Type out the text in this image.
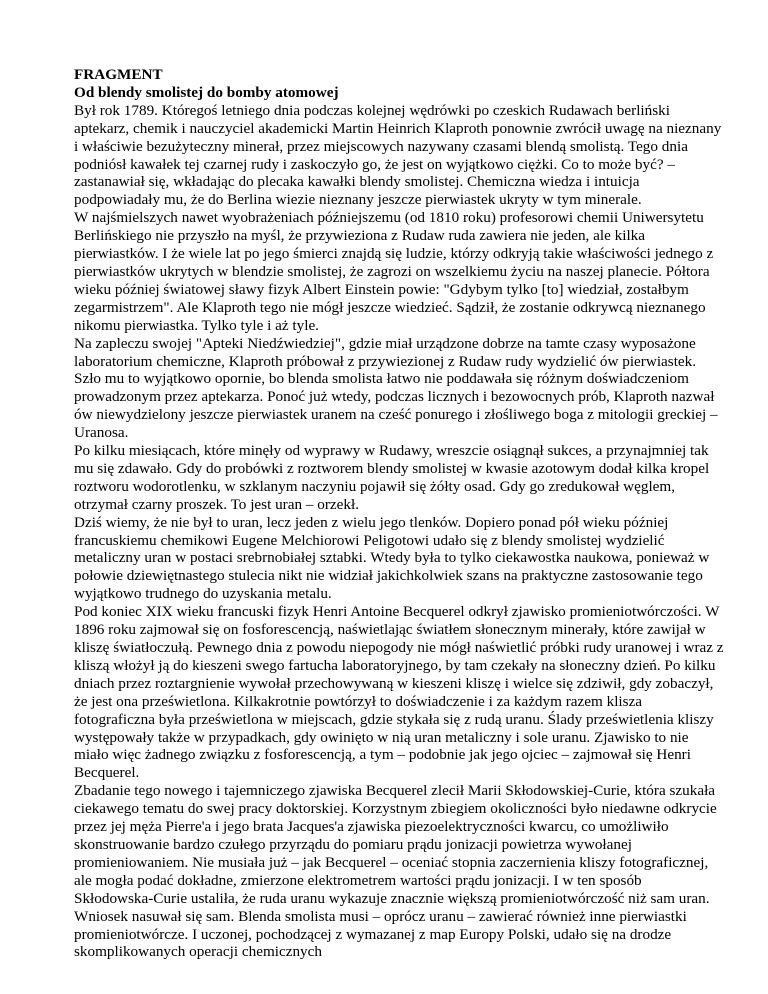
FRAGMENT

Od blendy smolistej do bomby atomowej

Był rok 1789. Któregoś letniego dnia podczas kolejnej wędrówki po czeskich Rudawach berliński aptekarz, chemik i nauczyciel akademicki Martin Heinrich Klaproth ponownie zwrócił uwagę na nieznany i właściwie bezużyteczny minerał, przez miejscowych nazywany czasami blendą smolistą. Tego dnia podniósł kawałek tej czarnej rudy i zaskoczyło go, że jest on wyjątkowo ciężki. Co to może być? – zastanawiał się, wkładając do plecaka kawałki blendy smolistej. Chemiczna wiedza i intuicja podpowiadały mu, że do Berlina wiezie nieznany jeszcze pierwiastek ukryty w tym minerale.

W najśmielszych nawet wyobrażeniach późniejszemu (od 1810 roku) profesorowi chemii Uniwersytetu Berlińskiego nie przyszło na myśl, że przywieziona z Rudaw ruda zawiera nie jeden, ale kilka pierwiastków. I że wiele lat po jego śmierci znajdą się ludzie, którzy odkryją takie właściwości jednego z pierwiastków ukrytych w blendzie smolistej, że zagrozi on wszelkiemu życiu na naszej planecie. Półtora wieku później światowej sławy fizyk Albert Einstein powie: "Gdybym tylko [to] wiedział, zostałbym zegarmistrzem". Ale Klaproth tego nie mógł jeszcze wiedzieć. Sądził, że zostanie odkrywcą nieznanego nikomu pierwiastka. Tylko tyle i aż tyle.

Na zapleczu swojej "Apteki Niedźwiedziej", gdzie miał urządzone dobrze na tamte czasy wyposażone laboratorium chemiczne, Klaproth próbował z przywiezionej z Rudaw rudy wydzielić ów pierwiastek. Szło mu to wyjątkowo opornie, bo blenda smolista łatwo nie poddawała się różnym doświadczeniom prowadzonym przez aptekarza. Ponoć już wtedy, podczas licznych i bezowocnych prób, Klaproth nazwał ów niewydzielony jeszcze pierwiastek uranem na cześć ponurego i złośliwego boga z mitologii greckiej – Uranosa.

Po kilku miesiącach, które minęły od wyprawy w Rudawy, wreszcie osiągnął sukces, a przynajmniej tak mu się zdawało. Gdy do probówki z roztworem blendy smolistej w kwasie azotowym dodał kilka kropel roztworu wodorotlenku, w szklanym naczyniu pojawił się żółty osad. Gdy go zredukował węglem, otrzymał czarny proszek. To jest uran – orzekł.

Dziś wiemy, że nie był to uran, lecz jeden z wielu jego tlenków. Dopiero ponad pół wieku później francuskiemu chemikowi Eugene Melchiorowi Peligotowi udało się z blendy smolistej wydzielić metaliczny uran w postaci srebrnobiałej sztabki. Wtedy była to tylko ciekawostka naukowa, ponieważ w połowie dziewiętnastego stulecia nikt nie widział jakichkolwiek szans na praktyczne zastosowanie tego wyjątkowo trudnego do uzyskania metalu.

Pod koniec XIX wieku francuski fizyk Henri Antoine Becquerel odkrył zjawisko promieniotwórczości. W 1896 roku zajmował się on fosforescencją, naświetlając światłem słonecznym minerały, które zawijał w kliszę światłoczułą. Pewnego dnia z powodu niepogody nie mógł naświetlić próbki rudy uranowej i wraz z kliszą włożył ją do kieszeni swego fartucha laboratoryjnego, by tam czekały na słoneczny dzień. Po kilku dniach przez roztargnienie wywołał przechowywaną w kieszeni kliszę i wielce się zdziwił, gdy zobaczył, że jest ona prześwietlona. Kilkakrotnie powtórzył to doświadczenie i za każdym razem klisza fotograficzna była prześwietlona w miejscach, gdzie stykała się z rudą uranu. Ślady prześwietlenia kliszy występowały także w przypadkach, gdy owinięto w nią uran metaliczny i sole uranu. Zjawisko to nie miało więc żadnego związku z fosforescencją, a tym – podobnie jak jego ojciec – zajmował się Henri Becquerel.

Zbadanie tego nowego i tajemniczego zjawiska Becquerel zlecił Marii Skłodowskiej-Curie, która szukała ciekawego tematu do swej pracy doktorskiej. Korzystnym zbiegiem okoliczności było niedawne odkrycie przez jej męża Pierre'a i jego brata Jacques'a zjawiska piezoelektryczności kwarcu, co umożliwiło skonstruowanie bardzo czułego przyrządu do pomiaru prądu jonizacji powietrza wywołanej promieniowaniem. Nie musiała już – jak Becquerel – oceniać stopnia zaczernienia kliszy fotograficznej, ale mogła podać dokładne, zmierzone elektrometrem wartości prądu jonizacji. I w ten sposób Skłodowska-Curie ustaliła, że ruda uranu wykazuje znacznie większą promieniotwórczość niż sam uran. Wniosek nasuwał się sam. Blenda smolista musi – oprócz uranu – zawierać również inne pierwiastki promieniotwórcze. I uczonej, pochodzącej z wymazanej z map Europy Polski, udało się na drodze skomplikowanych operacji chemicznych
